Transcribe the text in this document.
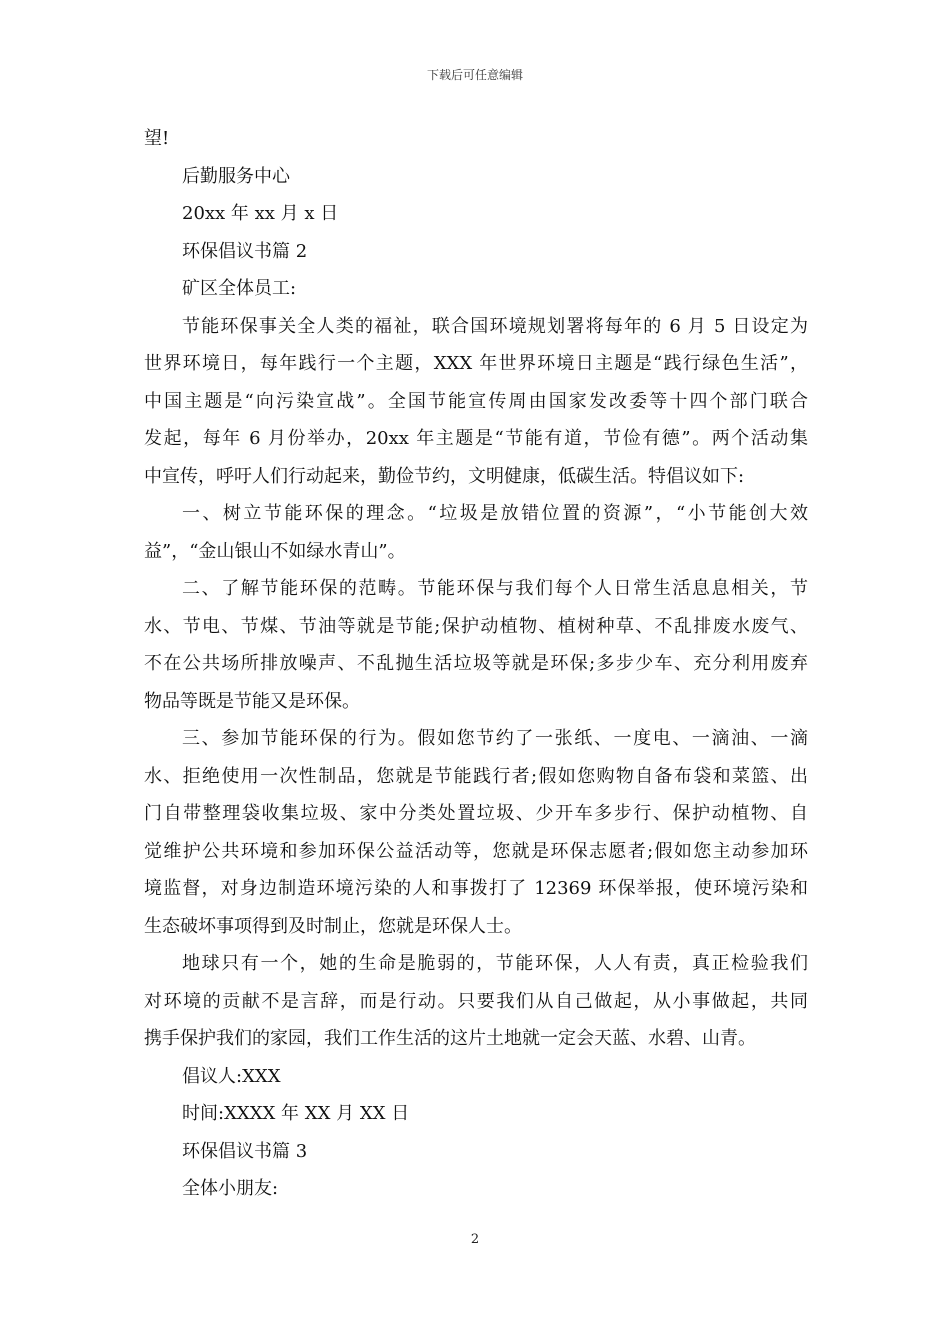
下载后可任意编辑

望!

后勤服务中心

20xx 年 xx 月 x 日

环保倡议书篇 2

矿区全体员工:

节能环保事关全人类的福祉，联合国环境规划署将每年的 6 月 5 日设定为

世界环境日，每年践行一个主题，XXX 年世界环境日主题是“践行绿色生活”，

中国主题是“向污染宣战”。全国节能宣传周由国家发改委等十四个部门联合

发起，每年 6 月份举办，20xx 年主题是“节能有道，节俭有德”。两个活动集

中宣传，呼吁人们行动起来，勤俭节约，文明健康，低碳生活。特倡议如下:

一、树立节能环保的理念。“垃圾是放错位置的资源”，“小节能创大效

益”，“金山银山不如绿水青山”。

二、了解节能环保的范畴。节能环保与我们每个人日常生活息息相关，节

水、节电、节煤、节油等就是节能;保护动植物、植树种草、不乱排废水废气、

不在公共场所排放噪声、不乱抛生活垃圾等就是环保;多步少车、充分利用废弃

物品等既是节能又是环保。

三、参加节能环保的行为。假如您节约了一张纸、一度电、一滴油、一滴

水、拒绝使用一次性制品，您就是节能践行者;假如您购物自备布袋和菜篮、出

门自带整理袋收集垃圾、家中分类处置垃圾、少开车多步行、保护动植物、自

觉维护公共环境和参加环保公益活动等，您就是环保志愿者;假如您主动参加环

境监督，对身边制造环境污染的人和事拨打了 12369 环保举报，使环境污染和

生态破坏事项得到及时制止，您就是环保人士。

地球只有一个，她的生命是脆弱的，节能环保，人人有责，真正检验我们

对环境的贡献不是言辞，而是行动。只要我们从自己做起，从小事做起，共同

携手保护我们的家园，我们工作生活的这片土地就一定会天蓝、水碧、山青。

倡议人:XXX

时间:XXXX 年 XX 月 XX 日

环保倡议书篇 3

全体小朋友:

2
